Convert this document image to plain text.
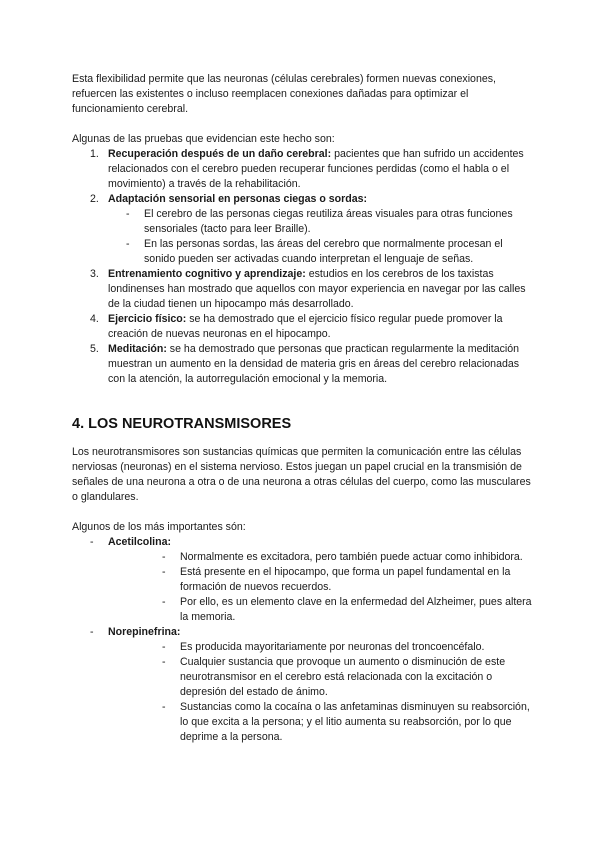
Esta flexibilidad permite que las neuronas (células cerebrales) formen nuevas conexiones, refuercen las existentes o incluso reemplacen conexiones dañadas para optimizar el funcionamiento cerebral.

Algunas de las pruebas que evidencian este hecho son:

1. Recuperación después de un daño cerebral: pacientes que han sufrido un accidentes relacionados con el cerebro pueden recuperar funciones perdidas (como el habla o el movimiento) a través de la rehabilitación.
2. Adaptación sensorial en personas ciegas o sordas:
- El cerebro de las personas ciegas reutiliza áreas visuales para otras funciones sensoriales (tacto para leer Braille).
- En las personas sordas, las áreas del cerebro que normalmente procesan el sonido pueden ser activadas cuando interpretan el lenguaje de señas.
3. Entrenamiento cognitivo y aprendizaje: estudios en los cerebros de los taxistas londinenses han mostrado que aquellos con mayor experiencia en navegar por las calles de la ciudad tienen un hipocampo más desarrollado.
4. Ejercicio físico: se ha demostrado que el ejercicio físico regular puede promover la creación de nuevas neuronas en el hipocampo.
5. Meditación: se ha demostrado que personas que practican regularmente la meditación muestran un aumento en la densidad de materia gris en áreas del cerebro relacionadas con la atención, la autorregulación emocional y la memoria.
4. LOS NEUROTRANSMISORES

Los neurotransmisores son sustancias químicas que permiten la comunicación entre las células nerviosas (neuronas) en el sistema nervioso. Estos juegan un papel crucial en la transmisión de señales de una neurona a otra o de una neurona a otras células del cuerpo, como las musculares o glandulares.

Algunos de los más importantes són:

- Acetilcolina:
- Normalmente es excitadora, pero también puede actuar como inhibidora.
- Está presente en el hipocampo, que forma un papel fundamental en la formación de nuevos recuerdos.
- Por ello, es un elemento clave en la enfermedad del Alzheimer, pues altera la memoria.
- Norepinefrina:
- Es producida mayoritariamente por neuronas del troncoencéfalo.
- Cualquier sustancia que provoque un aumento o disminución de este neurotransmisor en el cerebro está relacionada con la excitación o depresión del estado de ánimo.
- Sustancias como la cocaína o las anfetaminas disminuyen su reabsorción, lo que excita a la persona; y el litio aumenta su reabsorción, por lo que deprime a la persona.
